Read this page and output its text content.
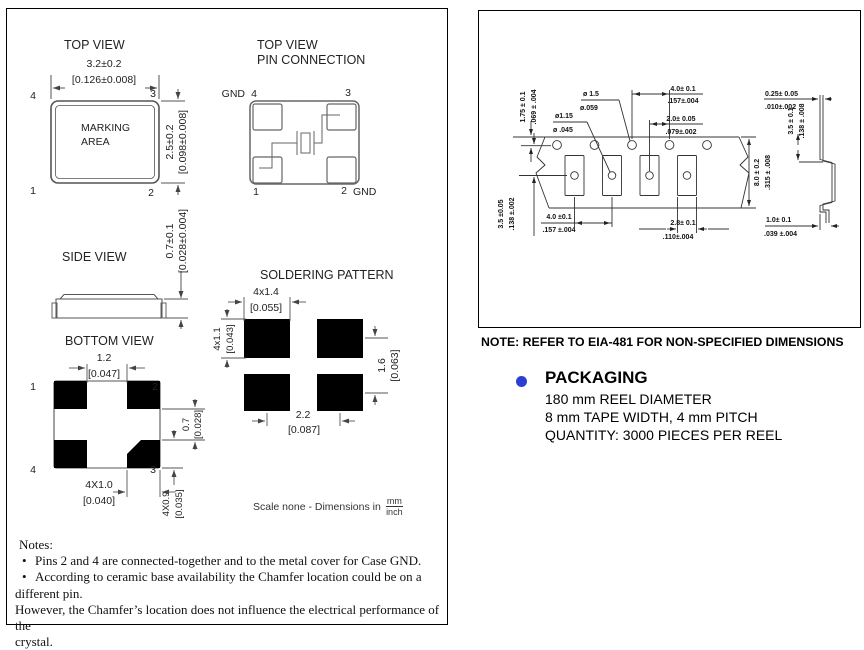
TOP VIEW
3.2±0.2
[0.126±0.008]
MARKING
AREA
4	3
1	2
2.5±0.2 [0.098±0.008]
TOP VIEW
PIN CONNECTION
GND 4	3
1	2 GND
SIDE VIEW	0.7±0.1 [0.028±0.004]
BOTTOM VIEW
1	2
4	3
1.2
[0.047]
0.7 [0.028]
4X0.9 [0.035]
4X1.0
[0.040]
SOLDERING PATTERN
4x1.4
[0.055]
4x1.1 [0.043]
1.6 [0.063]
2.2
[0.087]
Scale none - Dimensions in $\frac{mm}{\text{inch}}$

Notes:

• Pins 2 and 4 are connected-together and to the metal cover for Case GND.

• According to ceramic base availability the Chamfer location could be on a different pin.

However, the Chamfer’s location does not influence the electrical performance of the

crystal.

1.75 ± 0.1 .069 ± .004	ø 1.5
ø.059
ø1.15
ø .045
4.0± 0.1
.157±.004
2.0± 0.05
.079±.002
8.0 ± 0.2 .315 ± .008
3.5 ±0.05 .138 ±.002	4.0 ±0.1
.157 ±.004
2.8± 0.1
.110±.004
0.25± 0.05
.010±.002
3.5 ± 0.1 .138 ± .008
1.0± 0.1
.039 ±.004
NOTE: REFER TO EIA-481 FOR NON-SPECIFIED DIMENSIONS
PACKAGING
180 mm REEL DIAMETER
8 mm TAPE WIDTH, 4 mm PITCH
QUANTITY: 3000 PIECES PER REEL
